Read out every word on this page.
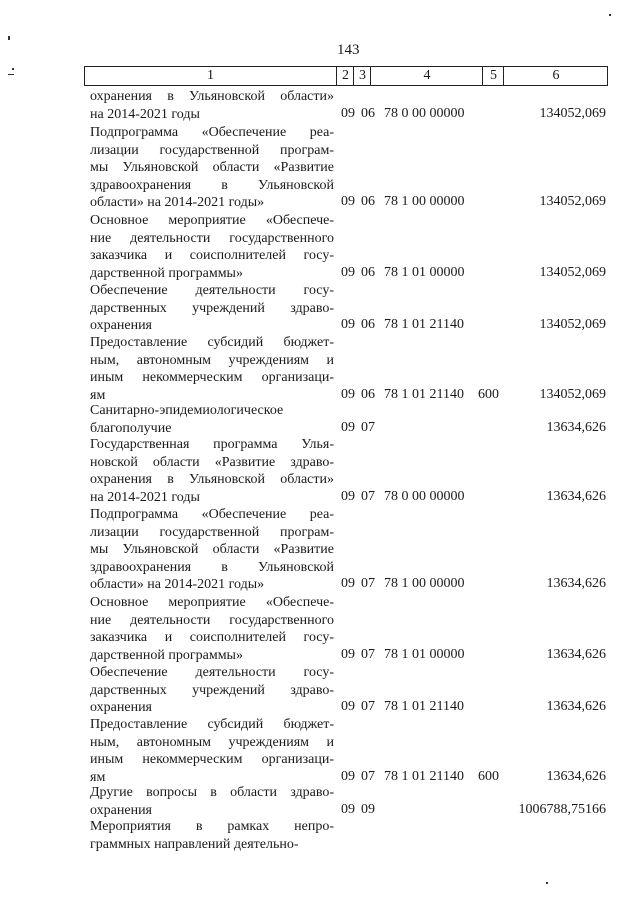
143
1	2 3	4	5	6
охранения в Ульяновской области»
на 2014-2021 годы	09 06 78 0 00 00000	134052,069
Подпрограмма «Обеспечение реа-
лизации государственной програм-
мы Ульяновской области «Развитие
здравоохранения в Ульяновской
области» на 2014-2021 годы»	09 06 78 1 00 00000	134052,069
Основное мероприятие «Обеспече-
ние деятельности государственного
заказчика и соисполнителей госу-
дарственной программы»	09 06 78 1 01 00000	134052,069
Обеспечение деятельности госу-
дарственных учреждений здраво-
охранения	09 06 78 1 01 21140	134052,069
Предоставление субсидий бюджет-
ным, автономным учреждениям и
иным некоммерческим организаци-
ям	09 06 78 1 01 21140 600	134052,069
Санитарно-эпидемиологическое
благополучие	09 07	13634,626
Государственная программа Улья-
новской области «Развитие здраво-
охранения в Ульяновской области»
на 2014-2021 годы	09 07 78 0 00 00000	13634,626
Подпрограмма «Обеспечение реа-
лизации государственной програм-
мы Ульяновской области «Развитие
здравоохранения в Ульяновской
области» на 2014-2021 годы»	09 07 78 1 00 00000	13634,626
Основное мероприятие «Обеспече-
ние деятельности государственного
заказчика и соисполнителей госу-
дарственной программы»	09 07 78 1 01 00000	13634,626
Обеспечение деятельности госу-
дарственных учреждений здраво-
охранения	09 07 78 1 01 21140	13634,626
Предоставление субсидий бюджет-
ным, автономным учреждениям и
иным некоммерческим организаци-
ям	09 07 78 1 01 21140 600	13634,626
Другие вопросы в области здраво-
охранения	09 09	1006788,75166
Мероприятия в рамках непро-
граммных направлений деятельно-
